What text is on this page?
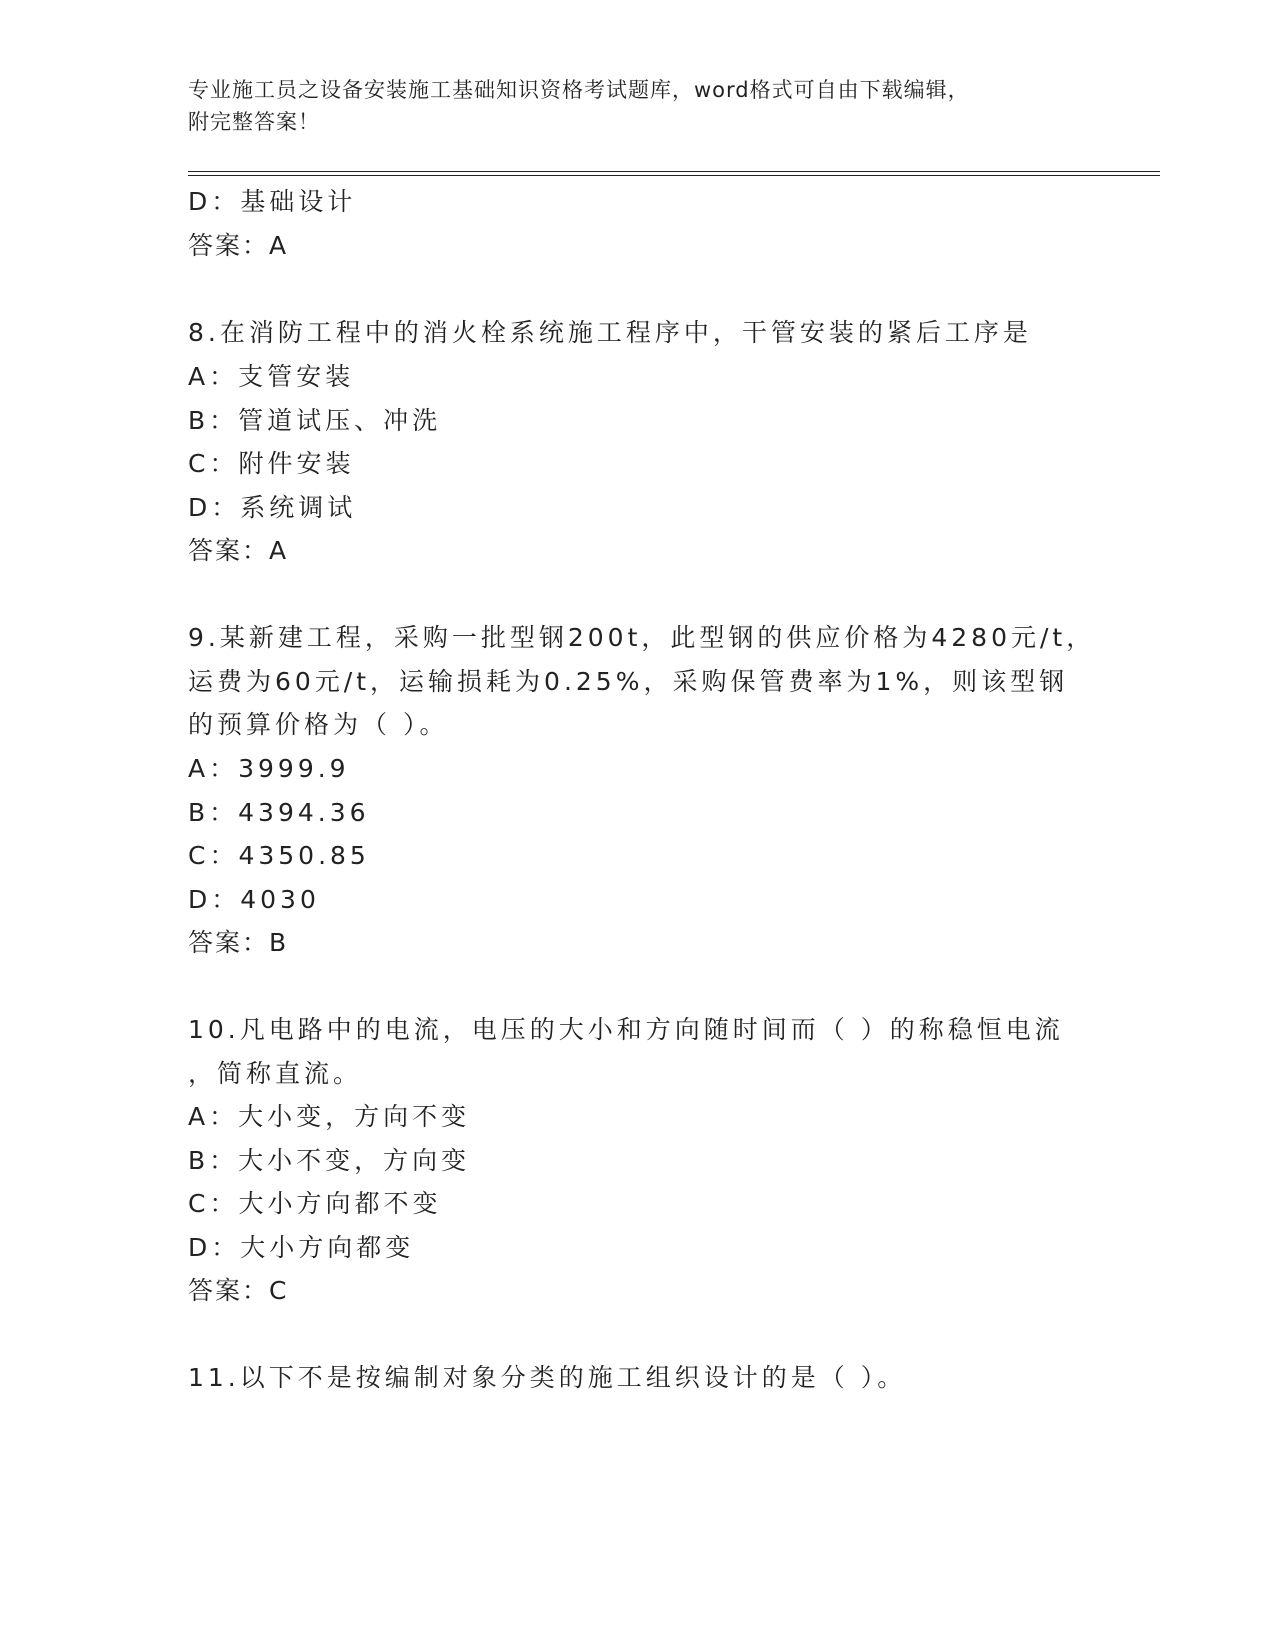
专业施工员之设备安装施工基础知识资格考试题库，word格式可自由下载编辑，
附完整答案！
D：基础设计
答案：A
8.在消防工程中的消火栓系统施工程序中，干管安装的紧后工序是
A：支管安装
B：管道试压、冲洗
C：附件安装
D：系统调试
答案：A
9.某新建工程，采购一批型钢200t，此型钢的供应价格为4280元/t，
运费为60元/t，运输损耗为0.25%，采购保管费率为1%，则该型钢
的预算价格为（ ）。
A：3999.9
B：4394.36
C：4350.85
D：4030
答案：B
10.凡电路中的电流，电压的大小和方向随时间而（ ）的称稳恒电流
，简称直流。
A：大小变，方向不变
B：大小不变，方向变
C：大小方向都不变
D：大小方向都变
答案：C
11.以下不是按编制对象分类的施工组织设计的是（ ）。
